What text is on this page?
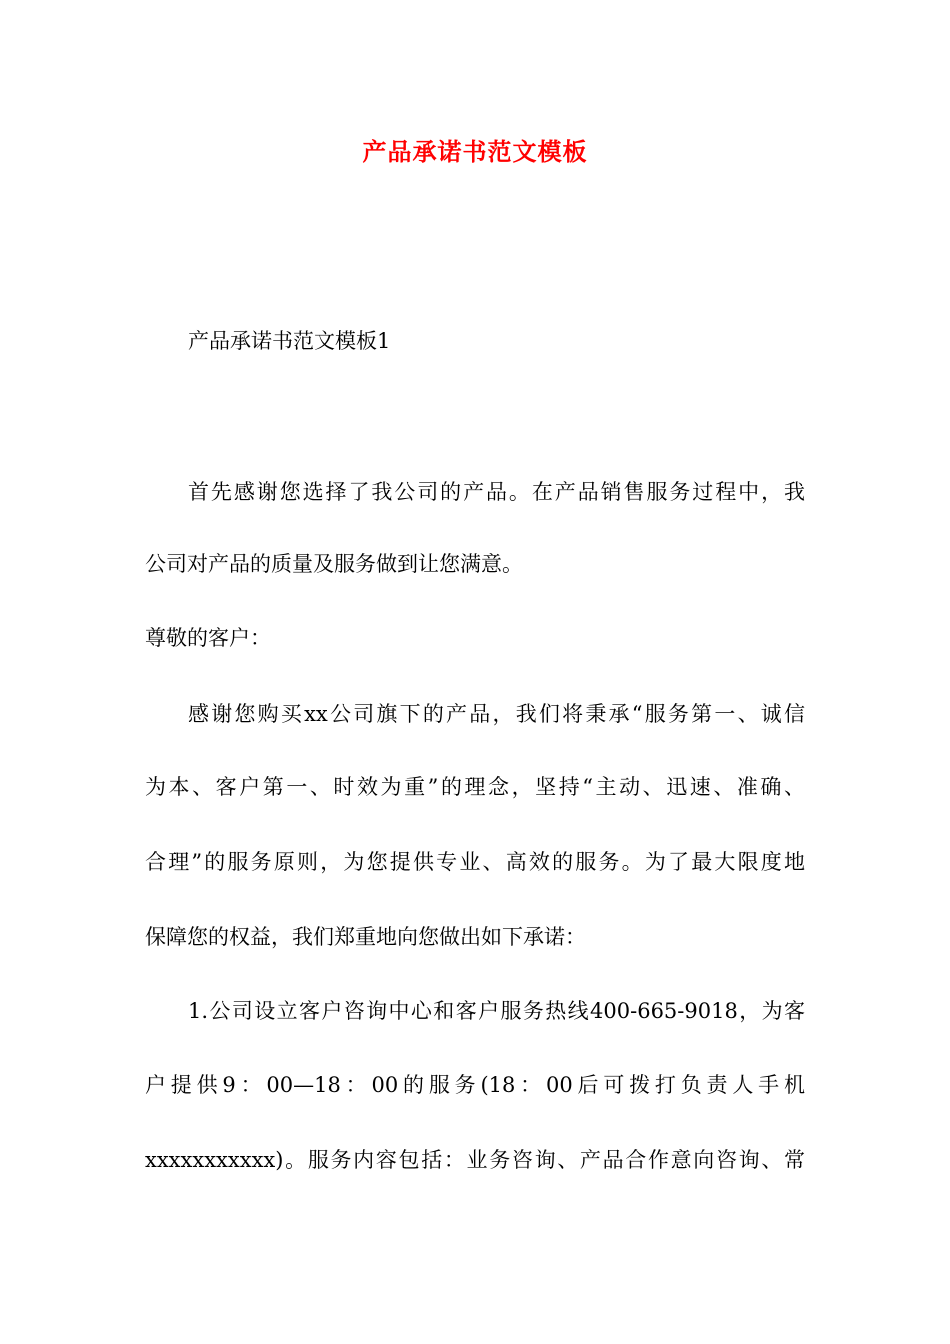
产品承诺书范文模板
产品承诺书范文模板1
首先感谢您选择了我公司的产品。在产品销售服务过程中，我
公司对产品的质量及服务做到让您满意。
尊敬的客户：
感谢您购买xx公司旗下的产品，我们将秉承“服务第一、诚信
为本、客户第一、时效为重”的理念，坚持“主动、迅速、准确、
合理”的服务原则，为您提供专业、高效的服务。为了最大限度地
保障您的权益，我们郑重地向您做出如下承诺：
1.公司设立客户咨询中心和客户服务热线400-665-9018，为客
户提供9：00—18：00的服务(18：00后可拨打负责人手机
xxxxxxxxxxx)。服务内容包括：业务咨询、产品合作意向咨询、常
